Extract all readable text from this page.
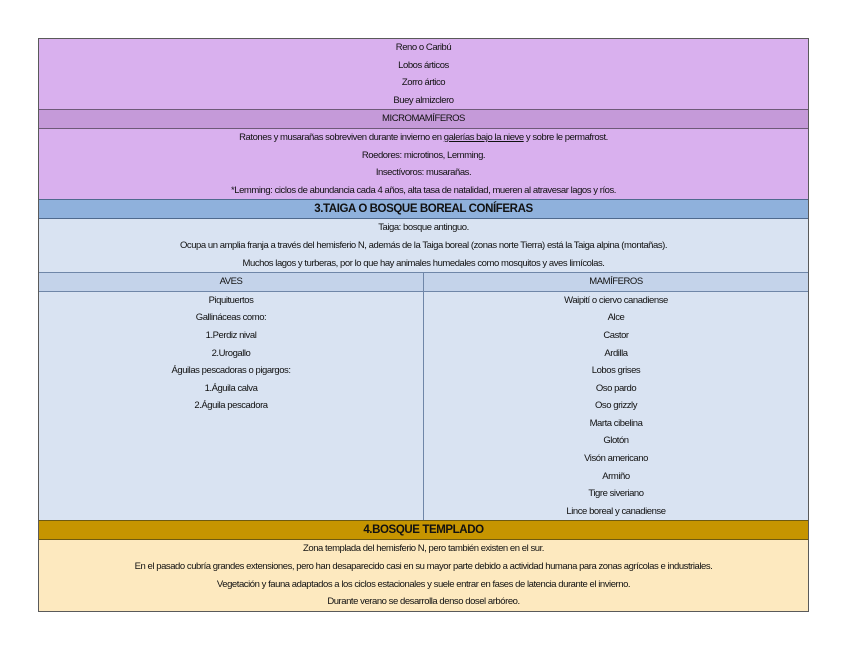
Reno o Caribú
Lobos árticos
Zorro ártico
Buey almizclero
MICROMAMÍFEROS
Ratones y musarañas sobreviven durante invierno en galerías bajo la nieve y sobre le permafrost.
Roedores: microtinos, Lemming.
Insectívoros: musarañas.
*Lemming: ciclos de abundancia cada 4 años, alta tasa de natalidad, mueren al atravesar lagos y ríos.
3.TAIGA O BOSQUE BOREAL CONÍFERAS
Taiga: bosque antinguo.
Ocupa un amplia franja a través del hemisferio N, además de la Taiga boreal (zonas norte Tierra) está la Taiga alpina (montañas).
Muchos lagos y turberas, por lo que hay animales humedales como mosquitos y aves limícolas.
AVES	MAMÍFEROS
Piquituertos
Gallináceas como:
1.Perdiz nival
2.Urogallo
Águilas pescadoras o pigargos:
1.Águila calva
2.Águila pescadora
Waipití o ciervo canadiense
Alce
Castor
Ardilla
Lobos grises
Oso pardo
Oso grizzly
Marta cibelina
Glotón
Visón americano
Armiño
Tigre siveriano
Lince boreal y canadiense
4.BOSQUE TEMPLADO
Zona templada del hemisferio N, pero también existen en el sur.
En el pasado cubría grandes extensiones, pero han desaparecido casi en su mayor parte debido a actividad humana para zonas agrícolas e industriales.
Vegetación y fauna adaptados a los ciclos estacionales y suele entrar en fases de latencia durante el invierno.
Durante verano se desarrolla denso dosel arbóreo.
